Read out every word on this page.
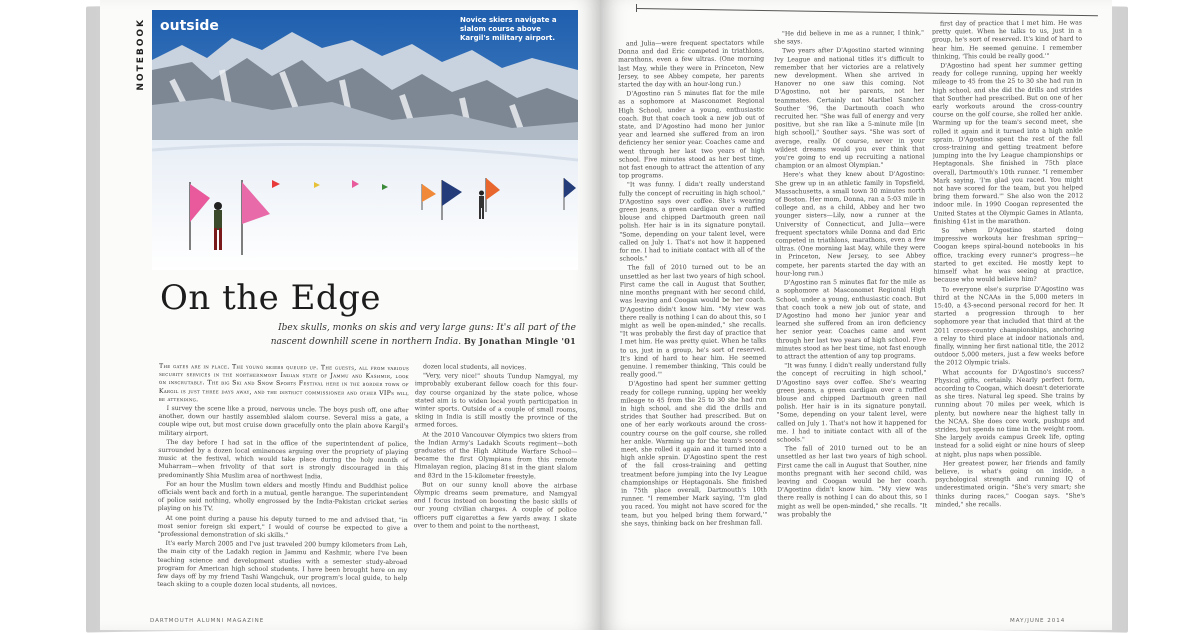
NOTEBOOK outside	Novice skiers navigate a slalom course above Kargil's military airport.
On the Edge

Ibex skulls, monks on skis and very large guns: It's all part of the nascent downhill scene in northern India. By Jonathan Mingle '01

The gates are in place. The young skiers queued up. The guests, all from various security services in the northernmost Indian state of Jammu and Kashmir, look on inscrutably. The big Ski and Snow Sports Festival here in the border town of Kargil is just three days away, and the district commissioner and other VIPs will be attending.

I survey the scene like a proud, nervous uncle. The boys push off, one after another, down our hastily assembled slalom course. Several miss a gate, a couple wipe out, but most cruise down gracefully onto the plain above Kargil's military airport.

The day before I had sat in the office of the superintendent of police, surrounded by a dozen local eminences arguing over the propriety of playing music at the festival, which would take place during the holy month of Muharram—when frivolity of that sort is strongly discouraged in this predominantly Shia Muslim area of northwest India.

For an hour the Muslim town elders and mostly Hindu and Buddhist police officials went back and forth in a mutual, gentle harangue. The superintendent of police said nothing, wholly engrossed by the India-Pakistan cricket series playing on his TV.

At one point during a pause his deputy turned to me and advised that, "in most senior foreign ski expert," I would of course be expected to give a "professional demonstration of ski skills."

It's early March 2005 and I've just traveled 200 bumpy kilometers from Leh, the main city of the Ladakh region in Jammu and Kashmir, where I've been teaching science and development studies with a semester study-abroad program for American high school students. I have been brought here on my few days off by my friend Tashi Wangchuk, our program's local guide, to help teach skiing to a couple dozen local students, all novices.

dozen local students, all novices.

"Very, very nice!" shouts Tundup Namgyal, my improbably exuberant fellow coach for this four-day course organized by the state police, whose stated aim is to widen local youth participation in winter sports. Outside of a couple of small rooms, skiing in India is still mostly the province of the armed forces.

At the 2010 Vancouver Olympics two skiers from the Indian Army's Ladakh Scouts regiment—both graduates of the High Altitude Warfare School—became the first Olympians from this remote Himalayan region, placing 81st in the giant slalom and 83rd in the 15-kilometer freestyle.

But on our sunny knoll above the airbase Olympic dreams seem premature, and Namgyal and I focus instead on boosting the basic skills of our young civilian charges. A couple of police officers puff cigarettes a few yards away. I skate over to them and point to the northeast,

and Julia—were frequent spectators while Donna and dad Eric competed in triathlons, marathons, even a few ultras. (One morning last May, while they were in Princeton, New Jersey, to see Abbey compete, her parents started the day with an hour-long run.)

D'Agostino ran 5 minutes flat for the mile as a sophomore at Masconomet Regional High School, under a young, enthusiastic coach. But that coach took a new job out of state, and D'Agostino had mono her junior year and learned she suffered from an iron deficiency her senior year. Coaches came and went through her last two years of high school. Five minutes stood as her best time, not fast enough to attract the attention of any top programs.

"It was funny. I didn't really understand fully the concept of recruiting in high school," D'Agostino says over coffee. She's wearing green jeans, a green cardigan over a ruffled blouse and chipped Dartmouth green nail polish. Her hair is in its signature ponytail. "Some, depending on your talent level, were called on July 1. That's not how it happened for me. I had to initiate contact with all of the schools."

The fall of 2010 turned out to be an unsettled as her last two years of high school. First came the call in August that Souther, nine months pregnant with her second child, was leaving and Coogan would be her coach. D'Agostino didn't know him. "My view was there really is nothing I can do about this, so I might as well be open-minded," she recalls. "It was probably the first day of practice that I met him. He was pretty quiet. When he talks to us, just in a group, he's sort of reserved. It's kind of hard to hear him. He seemed genuine. I remember thinking, 'This could be really good.'"

D'Agostino had spent her summer getting ready for college running, upping her weekly mileage to 45 from the 25 to 30 she had run in high school, and she did the drills and strides that Souther had prescribed. But on one of her early workouts around the cross-country course on the golf course, she rolled her ankle. Warming up for the team's second meet, she rolled it again and it turned into a high ankle sprain. D'Agostino spent the rest of the fall cross-training and getting treatment before jumping into the Ivy League championships or Heptagonals. She finished in 75th place overall, Dartmouth's 10th runner. "I remember Mark saying, 'I'm glad you raced. You might not have scored for the team, but you helped bring them forward,'" she says, thinking back on her freshman fall.

"He did believe in me as a runner, I think," she says.

Two years after D'Agostino started winning Ivy League and national titles it's difficult to remember that her victories are a relatively new development. When she arrived in Hanover no one saw this coming. Not D'Agostino, not her parents, not her teammates. Certainly not Maribel Sanchez Souther '96, the Dartmouth coach who recruited her. "She was full of energy and very positive, but she ran like a 5-minute mile [in high school]," Souther says. "She was sort of average, really. Of course, never in your wildest dreams would you ever think that you're going to end up recruiting a national champion or an almost Olympian."

Here's what they knew about D'Agostino: She grew up in an athletic family in Topsfield, Massachusetts, a small town 30 minutes north of Boston. Her mom, Donna, ran a 5:03 mile in college and, as a child, Abbey and her two younger sisters—Lily, now a runner at the University of Connecticut, and Julia—were frequent spectators while Donna and dad Eric competed in triathlons, marathons, even a few ultras. (One morning last May, while they were in Princeton, New Jersey, to see Abbey compete, her parents started the day with an hour-long run.)

D'Agostino ran 5 minutes flat for the mile as a sophomore at Masconomet Regional High School, under a young, enthusiastic coach. But that coach took a new job out of state, and D'Agostino had mono her junior year and learned she suffered from an iron deficiency her senior year. Coaches came and went through her last two years of high school. Five minutes stood as her best time, not fast enough to attract the attention of any top programs.

"It was funny. I didn't really understand fully the concept of recruiting in high school," D'Agostino says over coffee. She's wearing green jeans, a green cardigan over a ruffled blouse and chipped Dartmouth green nail polish. Her hair is in its signature ponytail. "Some, depending on your talent level, were called on July 1. That's not how it happened for me. I had to initiate contact with all of the schools."

The fall of 2010 turned out to be an unsettled as her last two years of high school. First came the call in August that Souther, nine months pregnant with her second child, was leaving and Coogan would be her coach. D'Agostino didn't know him. "My view was there really is nothing I can do about this, so I might as well be open-minded," she recalls. "It was probably the

first day of practice that I met him. He was pretty quiet. When he talks to us, just in a group, he's sort of reserved. It's kind of hard to hear him. He seemed genuine. I remember thinking, 'This could be really good.'"

D'Agostino had spent her summer getting ready for college running, upping her weekly mileage to 45 from the 25 to 30 she had run in high school, and she did the drills and strides that Souther had prescribed. But on one of her early workouts around the cross-country course on the golf course, she rolled her ankle. Warming up for the team's second meet, she rolled it again and it turned into a high ankle sprain. D'Agostino spent the rest of the fall cross-training and getting treatment before jumping into the Ivy League championships or Heptagonals. She finished in 75th place overall, Dartmouth's 10th runner. "I remember Mark saying, 'I'm glad you raced. You might not have scored for the team, but you helped bring them forward.'" She also won the 2012 indoor mile. In 1990 Coogan represented the United States at the Olympic Games in Atlanta, finishing 41st in the marathon.

So when D'Agostino started doing impressive workouts her freshman spring—Coogan keeps spiral-bound notebooks in his office, tracking every runner's progress—he started to get excited. He mostly kept to himself what he was seeing at practice, because who would believe him?

To everyone else's surprise D'Agostino was third at the NCAAs in the 5,000 meters in 15:40, a 43-second personal record for her. It started a progression through to her sophomore year that included that third at the 2011 cross-country championships, anchoring a relay to third place at indoor nationals and, finally, winning her first national title, the 2012 outdoor 5,000 meters, just a few weeks before the 2012 Olympic trials.

What accounts for D'Agostino's success? Physical gifts, certainly. Nearly perfect form, according to Coogan, which doesn't deteriorate as she tires. Natural leg speed. She trains by running about 70 miles per week, which is plenty, but nowhere near the highest tally in the NCAA. She does core work, pushups and strides, but spends no time in the weight room. She largely avoids campus Greek life, opting instead for a solid eight or nine hours of sleep at night, plus naps when possible.

Her greatest power, her friends and family believe, is what's going on inside, a psychological strength and running IQ of underestimated origin. "She's very smart; she thinks during races," Coogan says. "She's minded," she recalls.

DARTMOUTH ALUMNI MAGAZINE	MAY/JUNE 2014
